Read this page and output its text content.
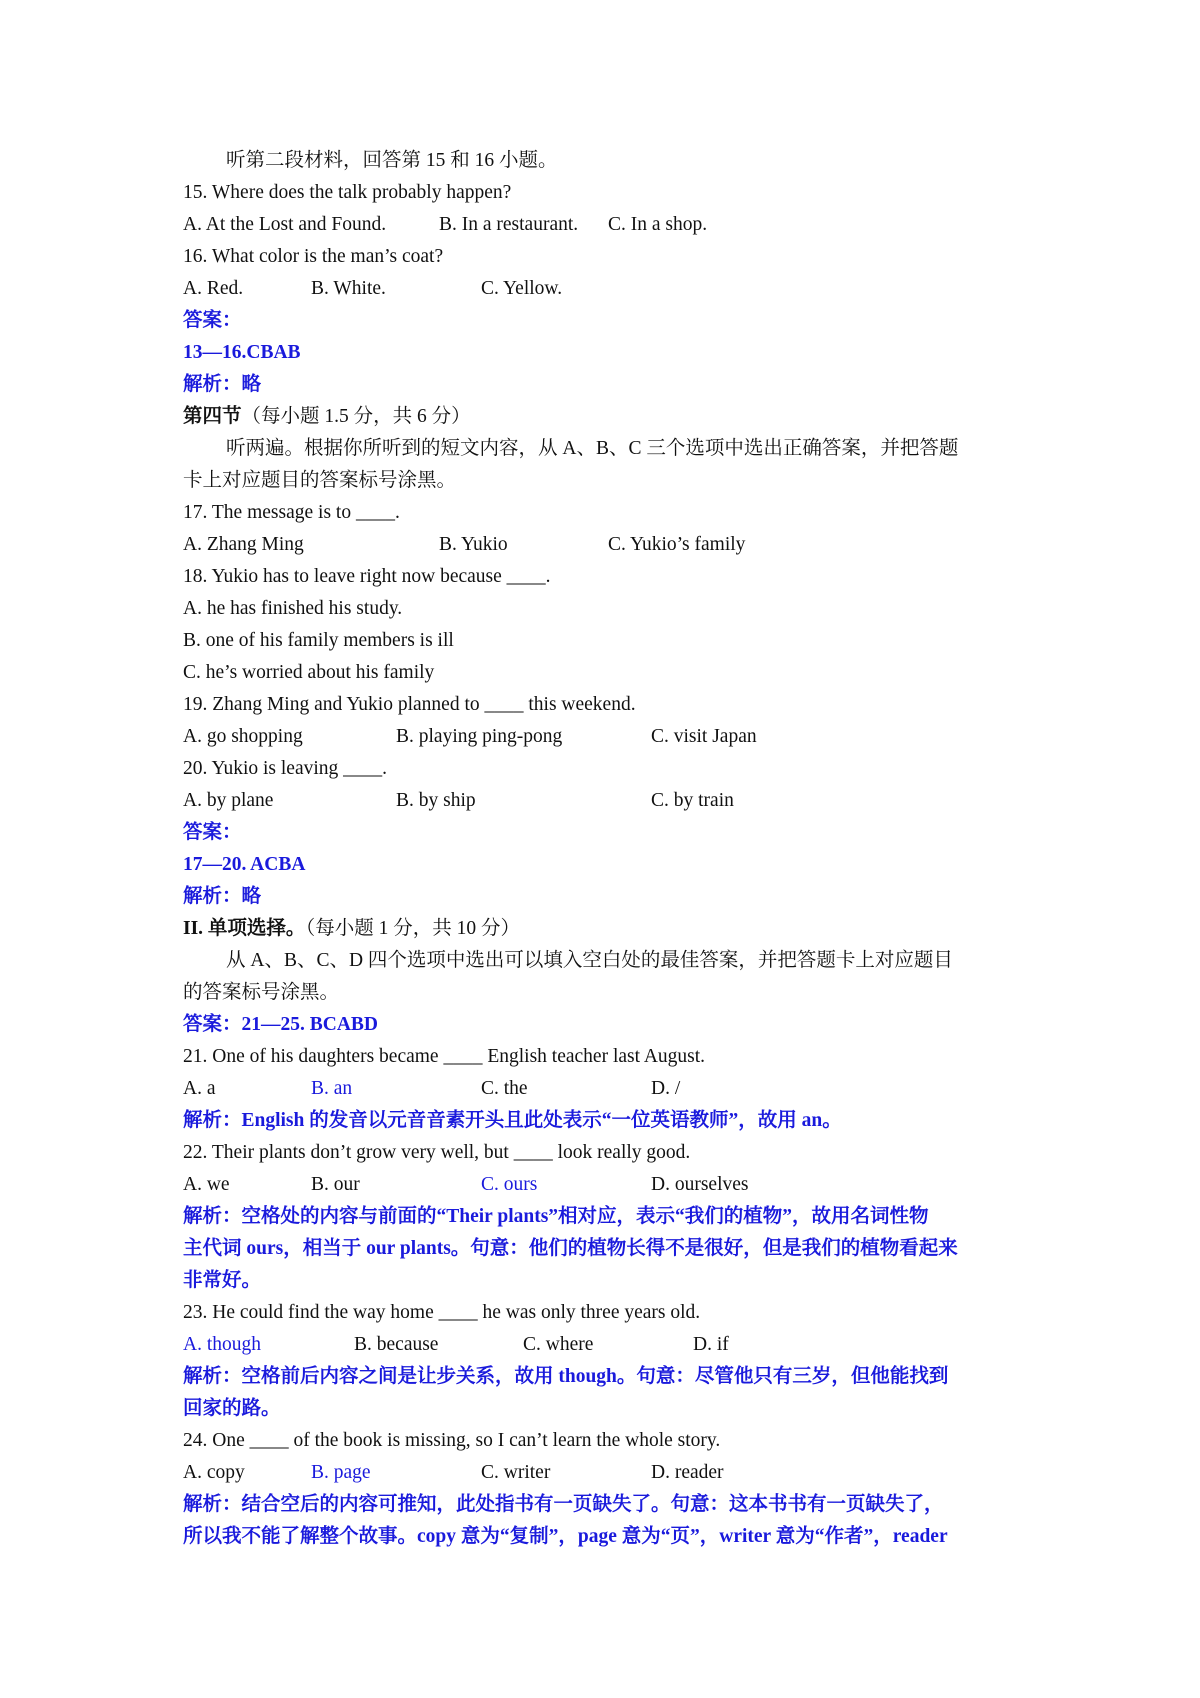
听第二段材料，回答第 15 和 16 小题。
15. Where does the talk probably happen?
A. At the Lost and Found.	B. In a restaurant. C. In a shop.
16. What color is the man’s coat?
A. Red.	B. White.	C. Yellow.
答案：
13—16.CBAB
解析：略
第四节（每小题 1.5 分，共 6 分）
听两遍。根据你所听到的短文内容，从 A、B、C 三个选项中选出正确答案，并把答题
卡上对应题目的答案标号涂黑。
17. The message is to ____.
A. Zhang Ming	B. Yukio	C. Yukio’s family
18. Yukio has to leave right now because ____.
A. he has finished his study.
B. one of his family members is ill
C. he’s worried about his family
19. Zhang Ming and Yukio planned to ____ this weekend.
A. go shopping	B. playing ping-pong	C. visit Japan
20. Yukio is leaving ____.
A. by plane	B. by ship	C. by train
答案：
17—20. ACBA
解析：略
II. 单项选择。（每小题 1 分，共 10 分）
从 A、B、C、D 四个选项中选出可以填入空白处的最佳答案，并把答题卡上对应题目
的答案标号涂黑。
答案：21—25. BCABD
21. One of his daughters became ____ English teacher last August.
A. a	B. an	C. the	D. /
解析：English 的发音以元音音素开头且此处表示“一位英语教师”，故用 an。
22. Their plants don’t grow very well, but ____ look really good.
A. we	B. our	C. ours	D. ourselves
解析：空格处的内容与前面的“Their plants”相对应，表示“我们的植物”，故用名词性物
主代词 ours，相当于 our plants。句意：他们的植物长得不是很好，但是我们的植物看起来
非常好。
23. He could find the way home ____ he was only three years old.
A. though	B. because	C. where	D. if
解析：空格前后内容之间是让步关系，故用 though。句意：尽管他只有三岁，但他能找到
回家的路。
24. One ____ of the book is missing, so I can’t learn the whole story.
A. copy	B. page	C. writer	D. reader
解析：结合空后的内容可推知，此处指书有一页缺失了。句意：这本书书有一页缺失了，
所以我不能了解整个故事。copy 意为“复制”，page 意为“页”，writer 意为“作者”，reader
